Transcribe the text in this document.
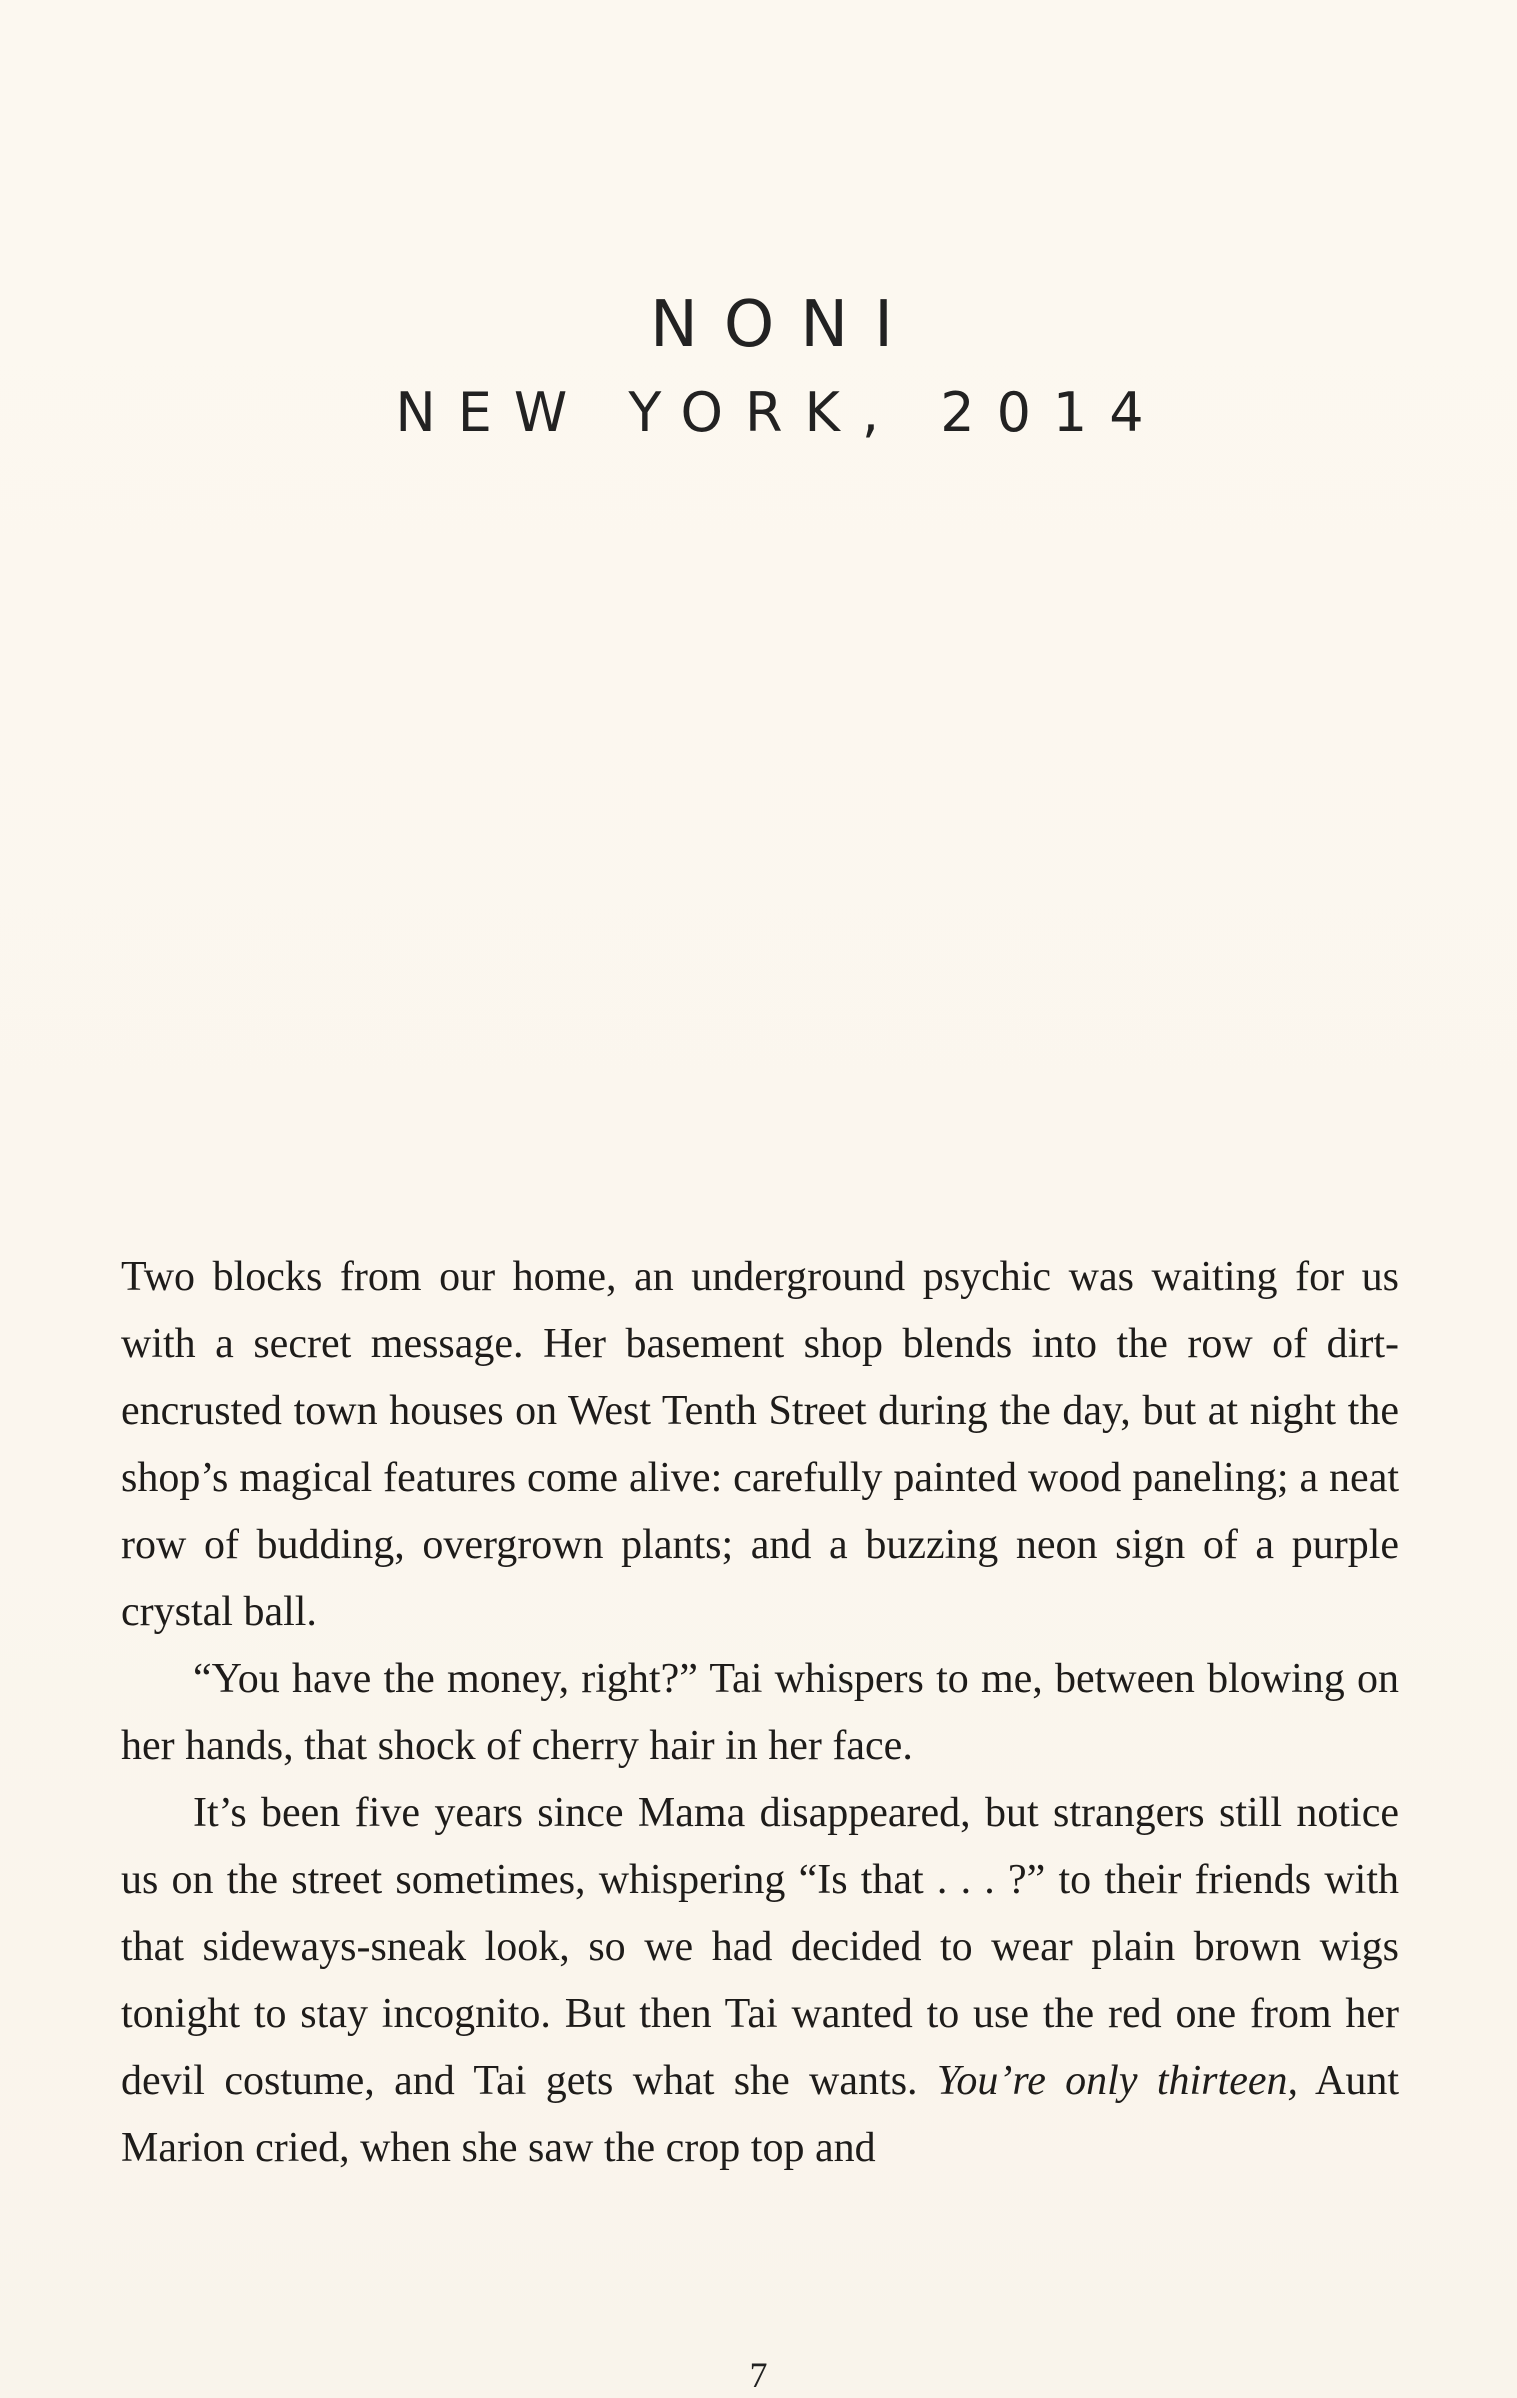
NONI
NEW YORK, 2014

Two blocks from our home, an underground psychic was waiting for us with a secret message. Her basement shop blends into the row of dirt-encrusted town houses on West Tenth Street during the day, but at night the shop’s magical features come alive: carefully painted wood paneling; a neat row of budding, overgrown plants; and a buzzing neon sign of a purple crystal ball.

“You have the money, right?” Tai whispers to me, between blowing on her hands, that shock of cherry hair in her face.

It’s been five years since Mama disappeared, but strangers still notice us on the street sometimes, whispering “Is that . . . ?” to their friends with that sideways-sneak look, so we had decided to wear plain brown wigs tonight to stay incognito. But then Tai wanted to use the red one from her devil costume, and Tai gets what she wants. You’re only thirteen, Aunt Marion cried, when she saw the crop top and

7
